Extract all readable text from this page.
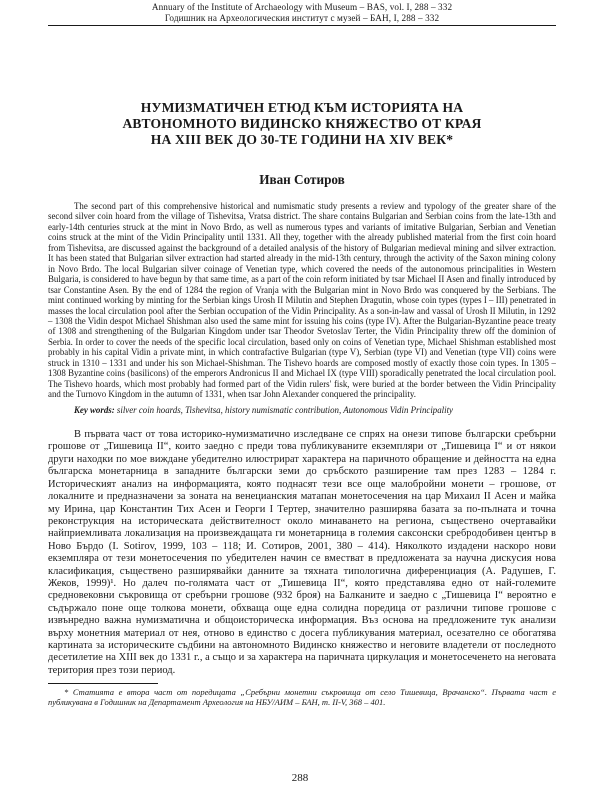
Annuary of the Institute of Archaeology with Museum – BAS, vol. I, 288 – 332
Годишник на Археологическия институт с музей – БАН, I, 288 – 332
НУМИЗМАТИЧЕН ЕТЮД КЪМ ИСТОРИЯТА НА
АВТОНОМНОТО ВИДИНСКО КНЯЖЕСТВО ОТ КРАЯ
НА XIII ВЕК ДО 30-ТЕ ГОДИНИ НА XIV ВЕК*
Иван Сотиров

The second part of this comprehensive historical and numismatic study presents a review and typology of the greater share of the second silver coin hoard from the village of Tishevitsa, Vratsa district. The share contains Bulgarian and Serbian coins from the late-13th and early-14th centuries struck at the mint in Novo Brdo, as well as numerous types and variants of imitative Bulgarian, Serbian and Venetian coins struck at the mint of the Vidin Principality until 1331. All they, together with the already published material from the first coin hoard from Tishevitsa, are discussed against the background of a detailed analysis of the history of Bulgarian medieval mining and silver extraction. It has been stated that Bulgarian silver extraction had started already in the mid-13th century, through the activity of the Saxon mining colony in Novo Brdo. The local Bulgarian silver coinage of Venetian type, which covered the needs of the autonomous principalities in Western Bulgaria, is considered to have begun by that same time, as a part of the coin reform initiated by tsar Michael II Asen and finally introduced by tsar Constantine Asen. By the end of 1284 the region of Vranja with the Bulgarian mint in Novo Brdo was conquered by the Serbians. The mint continued working by minting for the Serbian kings Urosh II Milutin and Stephen Dragutin, whose coin types (types I – III) penetrated in masses the local circulation pool after the Serbian occupation of the Vidin Principality. As a son-in-law and vassal of Urosh II Milutin, in 1292 – 1308 the Vidin despot Michael Shishman also used the same mint for issuing his coins (type IV). After the Bulgarian-Byzantine peace treaty of 1308 and strengthening of the Bulgarian Kingdom under tsar Theodor Svetoslav Terter, the Vidin Principality threw off the dominion of Serbia. In order to cover the needs of the specific local circulation, based only on coins of Venetian type, Michael Shishman established most probably in his capital Vidin a private mint, in which contrafactive Bulgarian (type V), Serbian (type VI) and Venetian (type VII) coins were struck in 1310 – 1331 and under his son Michael-Shishman. The Tishevo hoards are composed mostly of exactly those coin types. In 1305 – 1308 Byzantine coins (basilicons) of the emperors Andronicus II and Michael IX (type VIII) sporadically penetrated the local circulation pool. The Tishevo hoards, which most probably had formed part of the Vidin rulers' fisk, were buried at the border between the Vidin Principality and the Turnovo Kingdom in the autumn of 1331, when tsar John Alexander conquered the principality.

Key words: silver coin hoards, Tishevitsa, history numismatic contribution, Autonomous Vidin Principality

В първата част от това историко-нумизматично изследване се спрях на онези типове български сребърни грошове от „Тишевица II“, които заедно с преди това публикуваните екземпляри от „Тишевица I“ и от някои други находки по мое виждане убедително илюстрират характера на паричното обращение и дейността на една българска монетарница в западните български земи до сръбското разширение там през 1283 – 1284 г. Историческият анализ на информацията, която поднасят тези все още малобройни монети – грошове, от локалните и предназначени за зоната на венецианския матапан монетосечения на цар Михаил II Асен и майка му Ирина, цар Константин Тих Асен и Георги I Тертер, значително разширява базата за по-пълната и точна реконструкция на историческата действителност около минаването на региона, съществено очертавайки найприемливата локализация на произвеждащата ги монетарница в големия саксонски сребродобивен център в Ново Бърдо (I. Sotirov, 1999, 103 – 118; И. Сотиров, 2001, 380 – 414). Няколкото издадени наскоро нови екземпляра от тези монетосечения по убедителен начин се вместват в предложената за научна дискусия нова класификация, съществено разширявайки данните за тяхната типологична диференциация (А. Радушев, Г. Жеков, 1999)¹. Но далеч по-голямата част от „Тишевица II“, която представлява едно от най-големите средновековни съкровища от сребърни грошове (932 броя) на Балканите и заедно с „Тишевица I“ вероятно е съдържало поне още толкова монети, обхваща още една солидна поредица от различни типове грошове с извънредно важна нумизматична и общоисторическа информация. Въз основа на предложените тук анализи върху монетния материал от нея, отново в единство с досега публикувания материал, осезателно се обогатява картината за историческите съдбини на автономното Видинско княжество и неговите владетели от последното десетилетие на XIII век до 1331 г., а също и за характера на паричната циркулация и монетосеченето на неговата територия през този период.

* Статията е втора част от поредицата „Сребърни монетни съкровища от село Тишевица, Врачанско“. Първата част е публикувана в Годишник на Департамент Археология на НБУ/АИМ – БАН, т. II-V, 368 – 401.

288
